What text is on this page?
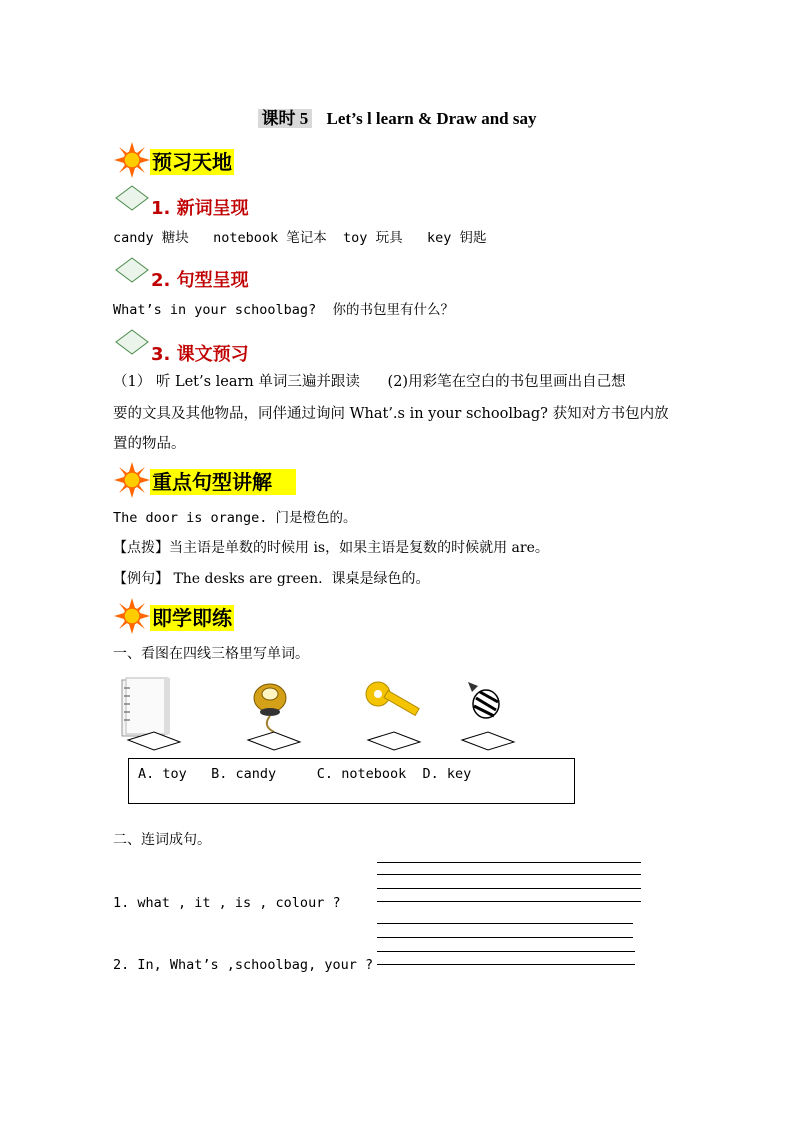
课时 5 Let’s l learn & Draw and say
预习天地
1. 新词呈现
candy 糖块   notebook 笔记本  toy 玩具   key 钥匙
2. 句型呈现
What’s in your schoolbag?  你的书包里有什么？
3. 课文预习
（1） 听 Let’s learn 单词三遍并跟读      (2)用彩笔在空白的书包里画出自己想
要的文具及其他物品，同伴通过询问 What’.s in your schoolbag? 获知对方书包内放
置的物品。
重点句型讲解
The door is orange. 门是橙色的。
【点拨】当主语是单数的时候用 is，如果主语是复数的时候就用 are。
【例句】 The desks are green.  课桌是绿色的。
即学即练
一、看图在四线三格里写单词。
A. toy   B. candy     C. notebook  D. key
二、连词成句。
1. what , it , is , colour ?
2. In, What’s ,schoolbag, your ?
